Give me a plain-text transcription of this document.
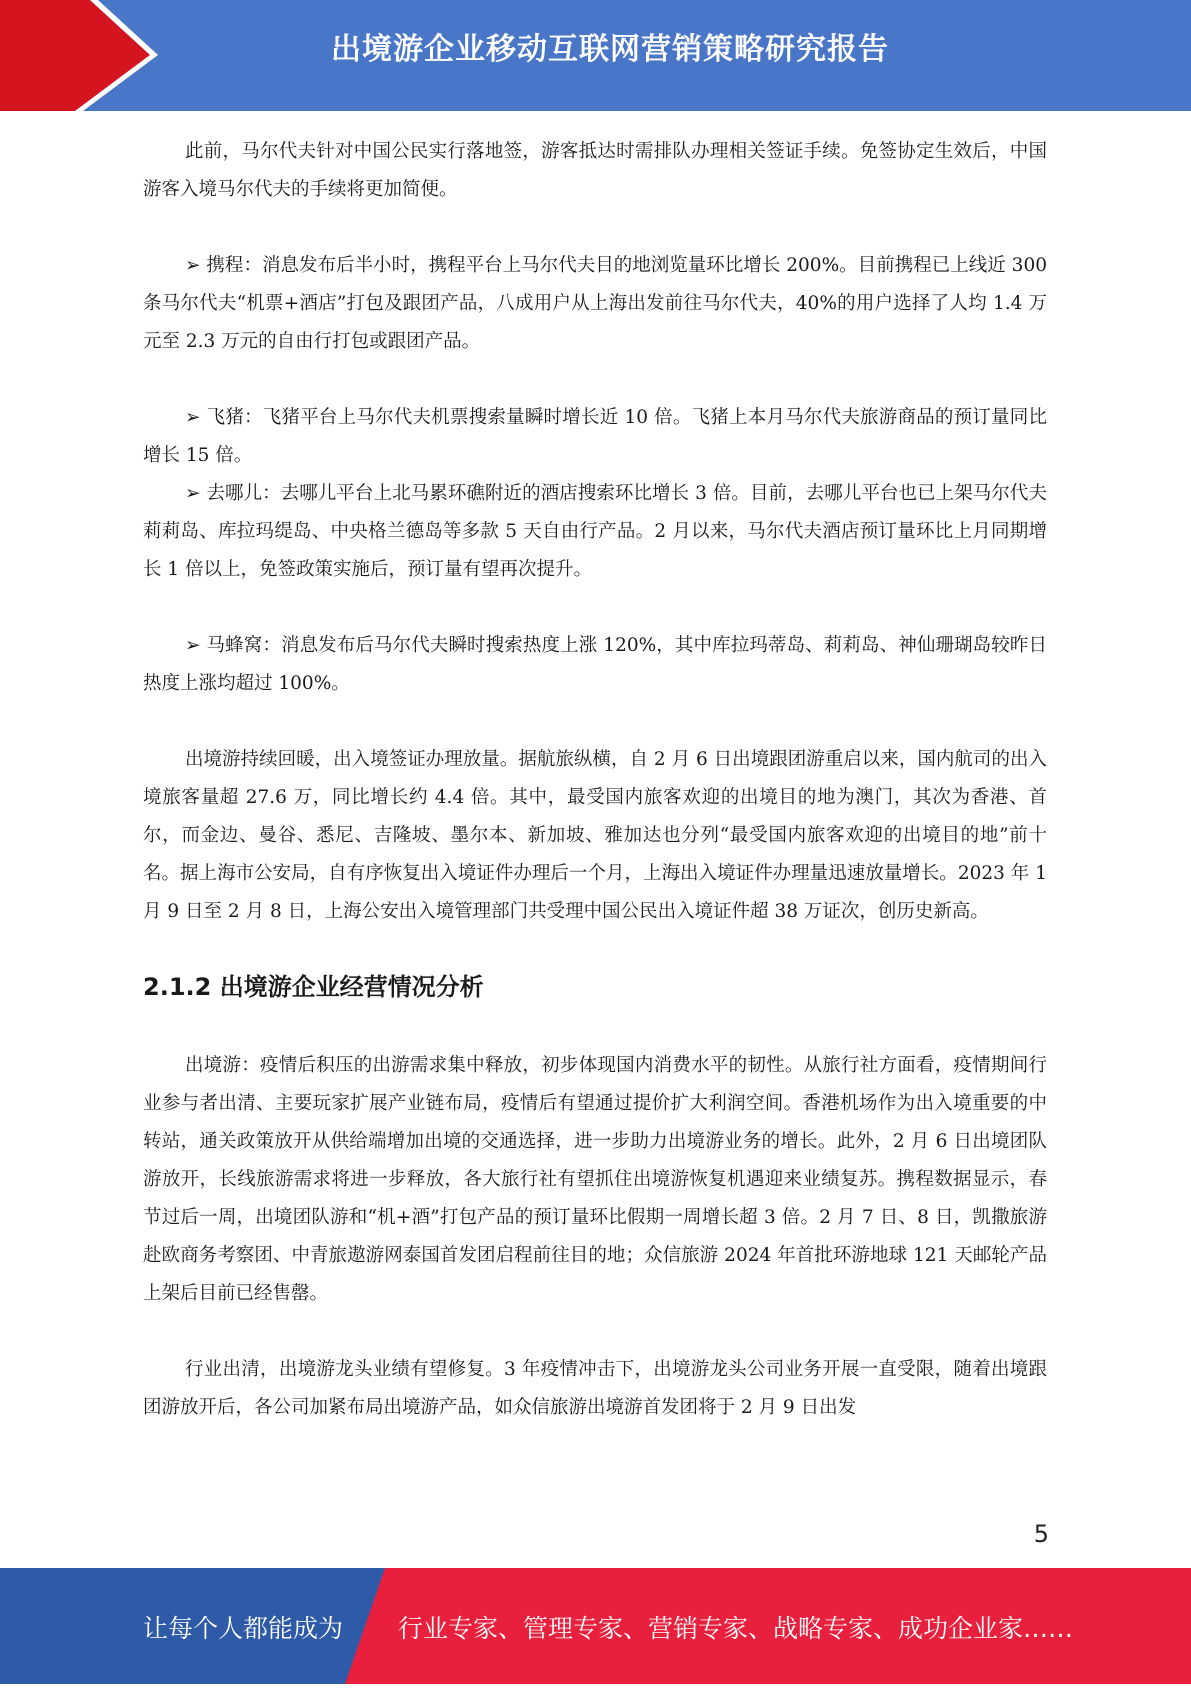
出境游企业移动互联网营销策略研究报告

此前，马尔代夫针对中国公民实行落地签，游客抵达时需排队办理相关签证手续。免签协定生效后，中国游客入境马尔代夫的手续将更加简便。

➢ 携程：消息发布后半小时，携程平台上马尔代夫目的地浏览量环比增长 200%。目前携程已上线近 300 条马尔代夫“机票+酒店”打包及跟团产品，八成用户从上海出发前往马尔代夫，40%的用户选择了人均 1.4 万元至 2.3 万元的自由行打包或跟团产品。

➢ 飞猪：飞猪平台上马尔代夫机票搜索量瞬时增长近 10 倍。飞猪上本月马尔代夫旅游商品的预订量同比增长 15 倍。

➢ 去哪儿：去哪儿平台上北马累环礁附近的酒店搜索环比增长 3 倍。目前，去哪儿平台也已上架马尔代夫莉莉岛、库拉玛缇岛、中央格兰德岛等多款 5 天自由行产品。2 月以来，马尔代夫酒店预订量环比上月同期增长 1 倍以上，免签政策实施后，预订量有望再次提升。

➢ 马蜂窝：消息发布后马尔代夫瞬时搜索热度上涨 120%，其中库拉玛蒂岛、莉莉岛、神仙珊瑚岛较昨日热度上涨均超过 100%。

出境游持续回暖，出入境签证办理放量。据航旅纵横，自 2 月 6 日出境跟团游重启以来，国内航司的出入境旅客量超 27.6 万，同比增长约 4.4 倍。其中，最受国内旅客欢迎的出境目的地为澳门，其次为香港、首尔，而金边、曼谷、悉尼、吉隆坡、墨尔本、新加坡、雅加达也分列“最受国内旅客欢迎的出境目的地”前十名。据上海市公安局，自有序恢复出入境证件办理后一个月，上海出入境证件办理量迅速放量增长。2023 年 1 月 9 日至 2 月 8 日，上海公安出入境管理部门共受理中国公民出入境证件超 38 万证次，创历史新高。

2.1.2 出境游企业经营情况分析

出境游：疫情后积压的出游需求集中释放，初步体现国内消费水平的韧性。从旅行社方面看，疫情期间行业参与者出清、主要玩家扩展产业链布局，疫情后有望通过提价扩大利润空间。香港机场作为出入境重要的中转站，通关政策放开从供给端增加出境的交通选择，进一步助力出境游业务的增长。此外，2 月 6 日出境团队游放开，长线旅游需求将进一步释放，各大旅行社有望抓住出境游恢复机遇迎来业绩复苏。携程数据显示，春节过后一周，出境团队游和“机+酒”打包产品的预订量环比假期一周增长超 3 倍。2 月 7 日、8 日，凯撒旅游赴欧商务考察团、中青旅遨游网泰国首发团启程前往目的地；众信旅游 2024 年首批环游地球 121 天邮轮产品上架后目前已经售罄。

行业出清，出境游龙头业绩有望修复。3 年疫情冲击下，出境游龙头公司业务开展一直受限，随着出境跟团游放开后，各公司加紧布局出境游产品，如众信旅游出境游首发团将于 2 月 9 日出发

5
让每个人都能成为 行业专家、管理专家、营销专家、战略专家、成功企业家……
